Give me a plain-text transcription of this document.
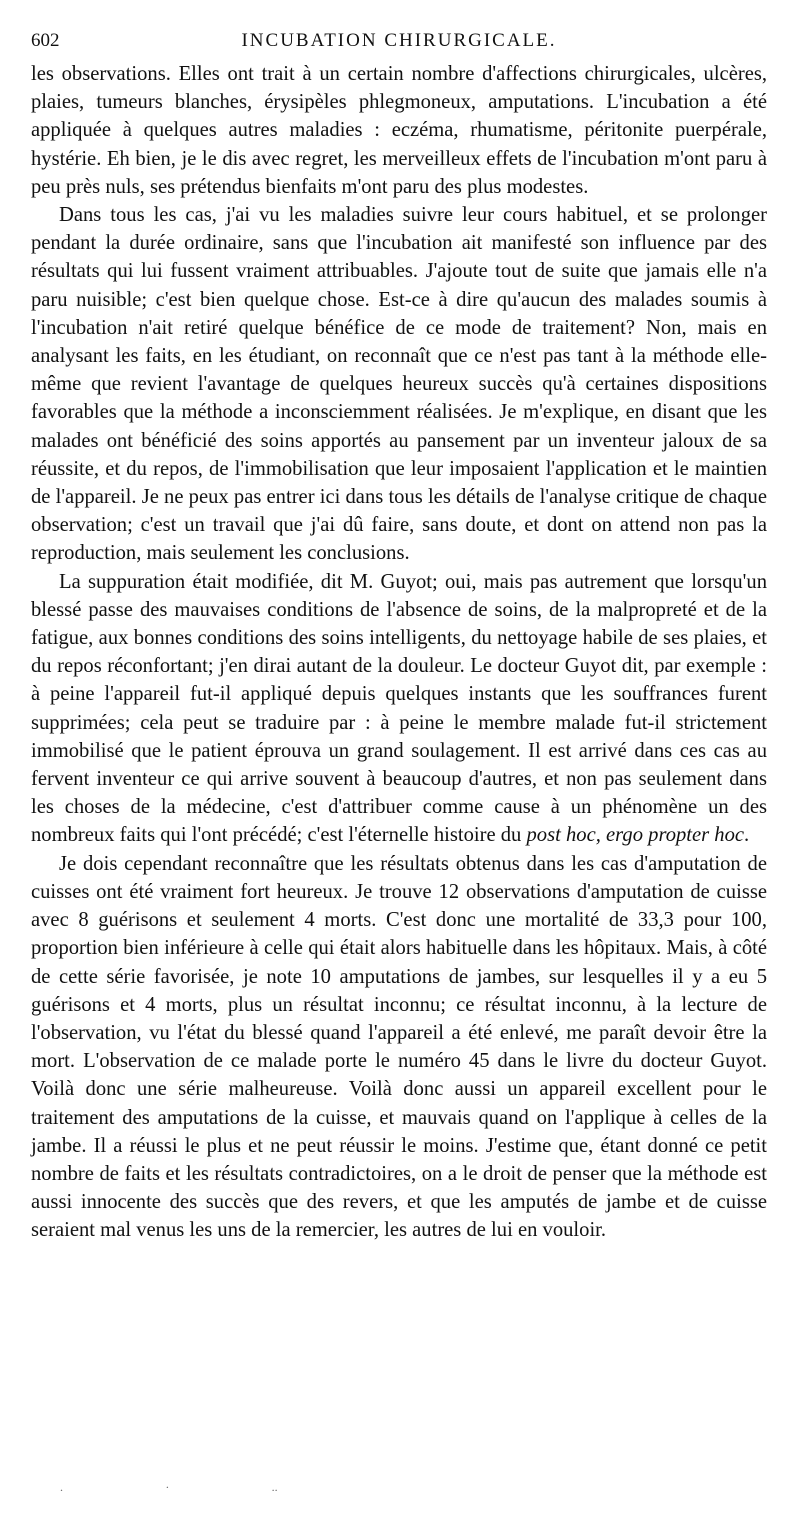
602	INCUBATION CHIRURGICALE.

les observations. Elles ont trait à un certain nombre d'affections chirurgicales, ulcères, plaies, tumeurs blanches, érysipèles phlegmoneux, amputations. L'incubation a été appliquée à quelques autres maladies : eczéma, rhumatisme, péritonite puerpérale, hystérie. Eh bien, je le dis avec regret, les merveilleux effets de l'incubation m'ont paru à peu près nuls, ses prétendus bienfaits m'ont paru des plus modestes.

Dans tous les cas, j'ai vu les maladies suivre leur cours habituel, et se prolonger pendant la durée ordinaire, sans que l'incubation ait manifesté son influence par des résultats qui lui fussent vraiment attribuables. J'ajoute tout de suite que jamais elle n'a paru nuisible; c'est bien quelque chose. Est-ce à dire qu'aucun des malades soumis à l'incubation n'ait retiré quelque bénéfice de ce mode de traitement? Non, mais en analysant les faits, en les étudiant, on reconnaît que ce n'est pas tant à la méthode elle-même que revient l'avantage de quelques heureux succès qu'à certaines dispositions favorables que la méthode a inconsciemment réalisées. Je m'explique, en disant que les malades ont bénéficié des soins apportés au pansement par un inventeur jaloux de sa réussite, et du repos, de l'immobilisation que leur imposaient l'application et le maintien de l'appareil. Je ne peux pas entrer ici dans tous les détails de l'analyse critique de chaque observation; c'est un travail que j'ai dû faire, sans doute, et dont on attend non pas la reproduction, mais seulement les conclusions.

La suppuration était modifiée, dit M. Guyot; oui, mais pas autrement que lorsqu'un blessé passe des mauvaises conditions de l'absence de soins, de la malpropreté et de la fatigue, aux bonnes conditions des soins intelligents, du nettoyage habile de ses plaies, et du repos réconfortant; j'en dirai autant de la douleur. Le docteur Guyot dit, par exemple : à peine l'appareil fut-il appliqué depuis quelques instants que les souffrances furent supprimées; cela peut se traduire par : à peine le membre malade fut-il strictement immobilisé que le patient éprouva un grand soulagement. Il est arrivé dans ces cas au fervent inventeur ce qui arrive souvent à beaucoup d'autres, et non pas seulement dans les choses de la médecine, c'est d'attribuer comme cause à un phénomène un des nombreux faits qui l'ont précédé; c'est l'éternelle histoire du post hoc, ergo propter hoc.

Je dois cependant reconnaître que les résultats obtenus dans les cas d'amputation de cuisses ont été vraiment fort heureux. Je trouve 12 observations d'amputation de cuisse avec 8 guérisons et seulement 4 morts. C'est donc une mortalité de 33,3 pour 100, proportion bien inférieure à celle qui était alors habituelle dans les hôpitaux. Mais, à côté de cette série favorisée, je note 10 amputations de jambes, sur lesquelles il y a eu 5 guérisons et 4 morts, plus un résultat inconnu; ce résultat inconnu, à la lecture de l'observation, vu l'état du blessé quand l'appareil a été enlevé, me paraît devoir être la mort. L'observation de ce malade porte le numéro 45 dans le livre du docteur Guyot. Voilà donc une série malheureuse. Voilà donc aussi un appareil excellent pour le traitement des amputations de la cuisse, et mauvais quand on l'applique à celles de la jambe. Il a réussi le plus et ne peut réussir le moins. J'estime que, étant donné ce petit nombre de faits et les résultats contradictoires, on a le droit de penser que la méthode est aussi innocente des succès que des revers, et que les amputés de jambe et de cuisse seraient mal venus les uns de la remercier, les autres de lui en vouloir.

.	·	..
